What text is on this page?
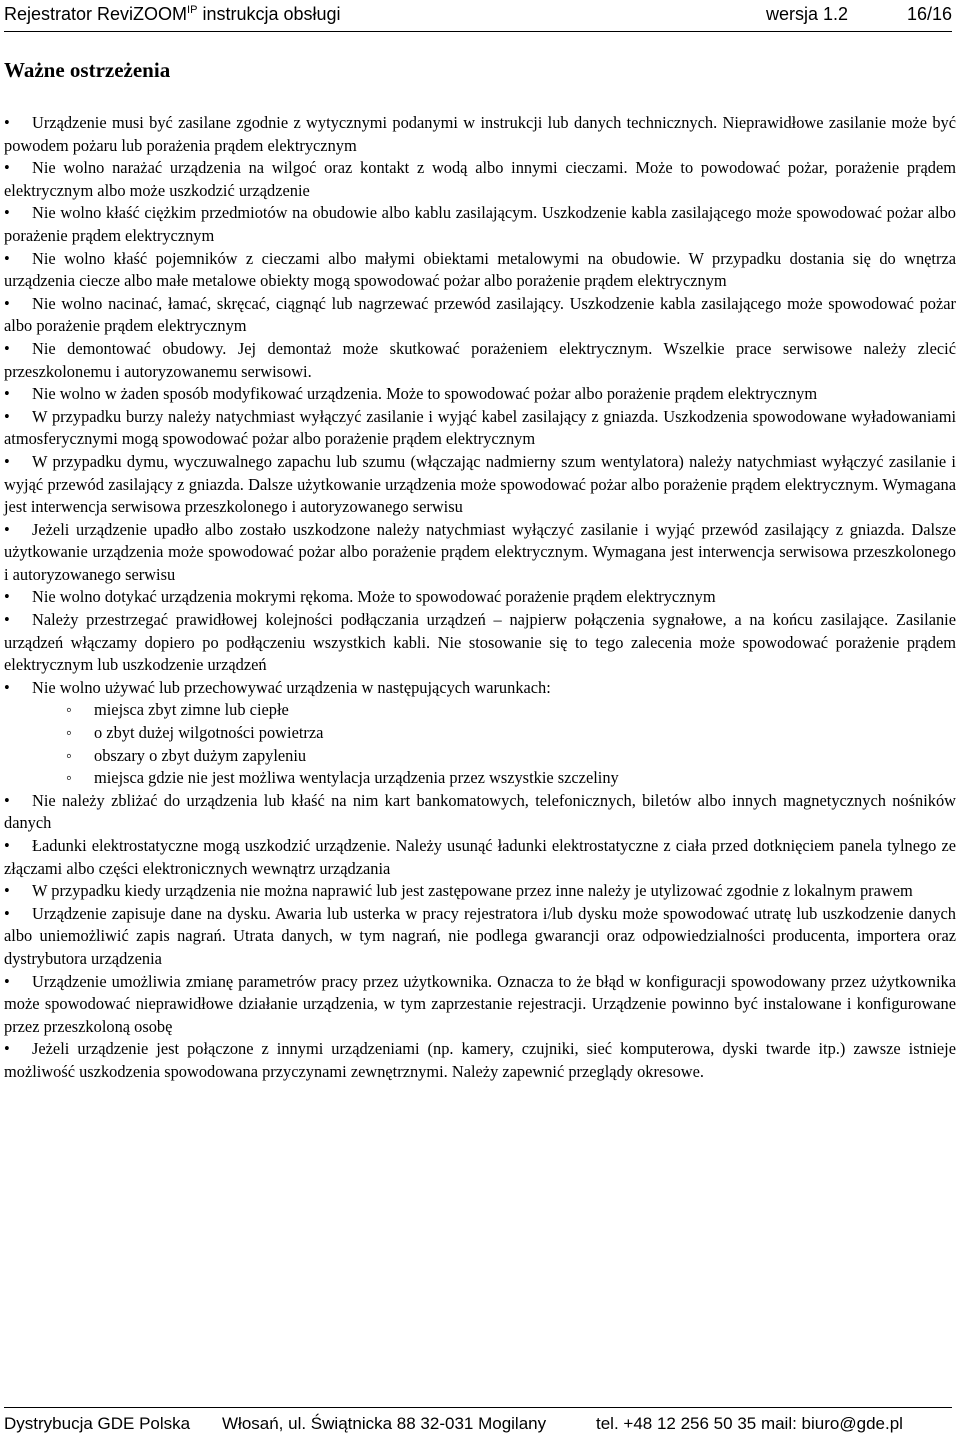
Rejestrator ReviZOOM$^{IP}$ instrukcja obsługi	wersja 1.2	16/16
Ważne ostrzeżenia

•Urządzenie musi być zasilane zgodnie z wytycznymi podanymi w instrukcji lub danych technicznych. Nieprawidłowe zasilanie może być powodem pożaru lub porażenia prądem elektrycznym

•Nie wolno narażać urządzenia na wilgoć oraz kontakt z wodą albo innymi cieczami. Może to powodować pożar, porażenie prądem elektrycznym albo może uszkodzić urządzenie

•Nie wolno kłaść ciężkim przedmiotów na obudowie albo kablu zasilającym. Uszkodzenie kabla zasilającego może spowodować pożar albo porażenie prądem elektrycznym

•Nie wolno kłaść pojemników z cieczami albo małymi obiektami metalowymi na obudowie. W przypadku dostania się do wnętrza urządzenia ciecze albo małe metalowe obiekty mogą spowodować pożar albo porażenie prądem elektrycznym

•Nie wolno nacinać, łamać, skręcać, ciągnąć lub nagrzewać przewód zasilający. Uszkodzenie kabla zasilającego może spowodować pożar albo porażenie prądem elektrycznym

•Nie demontować obudowy. Jej demontaż może skutkować porażeniem elektrycznym. Wszelkie prace serwisowe należy zlecić przeszkolonemu i autoryzowanemu serwisowi.

•Nie wolno w żaden sposób modyfikować urządzenia. Może to spowodować pożar albo porażenie prądem elektrycznym

•W przypadku burzy należy natychmiast wyłączyć zasilanie i wyjąć kabel zasilający z gniazda. Uszkodzenia spowodowane wyładowaniami atmosferycznymi mogą spowodować pożar albo porażenie prądem elektrycznym

•W przypadku dymu, wyczuwalnego zapachu lub szumu (włączając nadmierny szum wentylatora) należy natychmiast wyłączyć zasilanie i wyjąć przewód zasilający z gniazda. Dalsze użytkowanie urządzenia może spowodować pożar albo porażenie prądem elektrycznym. Wymagana jest interwencja serwisowa przeszkolonego i autoryzowanego serwisu

•Jeżeli urządzenie upadło albo zostało uszkodzone należy natychmiast wyłączyć zasilanie i wyjąć przewód zasilający z gniazda. Dalsze użytkowanie urządzenia może spowodować pożar albo porażenie prądem elektrycznym. Wymagana jest interwencja serwisowa przeszkolonego i autoryzowanego serwisu

•Nie wolno dotykać urządzenia mokrymi rękoma. Może to spowodować porażenie prądem elektrycznym

•Należy przestrzegać prawidłowej kolejności podłączania urządzeń – najpierw połączenia sygnałowe, a na końcu zasilające. Zasilanie urządzeń włączamy dopiero po podłączeniu wszystkich kabli. Nie stosowanie się to tego zalecenia może spowodować porażenie prądem elektrycznym lub uszkodzenie urządzeń

•Nie wolno używać lub przechowywać urządzenia w następujących warunkach:

◦miejsca zbyt zimne lub ciepłe
◦o zbyt dużej wilgotności powietrza
◦obszary o zbyt dużym zapyleniu
◦miejsca gdzie nie jest możliwa wentylacja urządzenia przez wszystkie szczeliny

•Nie należy zbliżać do urządzenia lub kłaść na nim kart bankomatowych, telefonicznych, biletów albo innych magnetycznych nośników danych

•Ładunki elektrostatyczne mogą uszkodzić urządzenie. Należy usunąć ładunki elektrostatyczne z ciała przed dotknięciem panela tylnego ze złączami albo części elektronicznych wewnątrz urządzania

•W przypadku kiedy urządzenia nie można naprawić lub jest zastępowane przez inne należy je utylizować zgodnie z lokalnym prawem

•Urządzenie zapisuje dane na dysku. Awaria lub usterka w pracy rejestratora i/lub dysku może spowodować utratę lub uszkodzenie danych albo uniemożliwić zapis nagrań. Utrata danych, w tym nagrań, nie podlega gwarancji oraz odpowiedzialności producenta, importera oraz dystrybutora urządzenia

•Urządzenie umożliwia zmianę parametrów pracy przez użytkownika. Oznacza to że błąd w konfiguracji spowodowany przez użytkownika może spowodować nieprawidłowe działanie urządzenia, w tym zaprzestanie rejestracji. Urządzenie powinno być instalowane i konfigurowane przez przeszkoloną osobę

•Jeżeli urządzenie jest połączone z innymi urządzeniami (np. kamery, czujniki, sieć komputerowa, dyski twarde itp.) zawsze istnieje możliwość uszkodzenia spowodowana przyczynami zewnętrznymi. Należy zapewnić przeglądy okresowe.

Dystrybucja GDE Polska Włosań, ul. Świątnicka 88 32-031 Mogilany	tel. +48 12 256 50 35 mail: biuro@gde.pl
